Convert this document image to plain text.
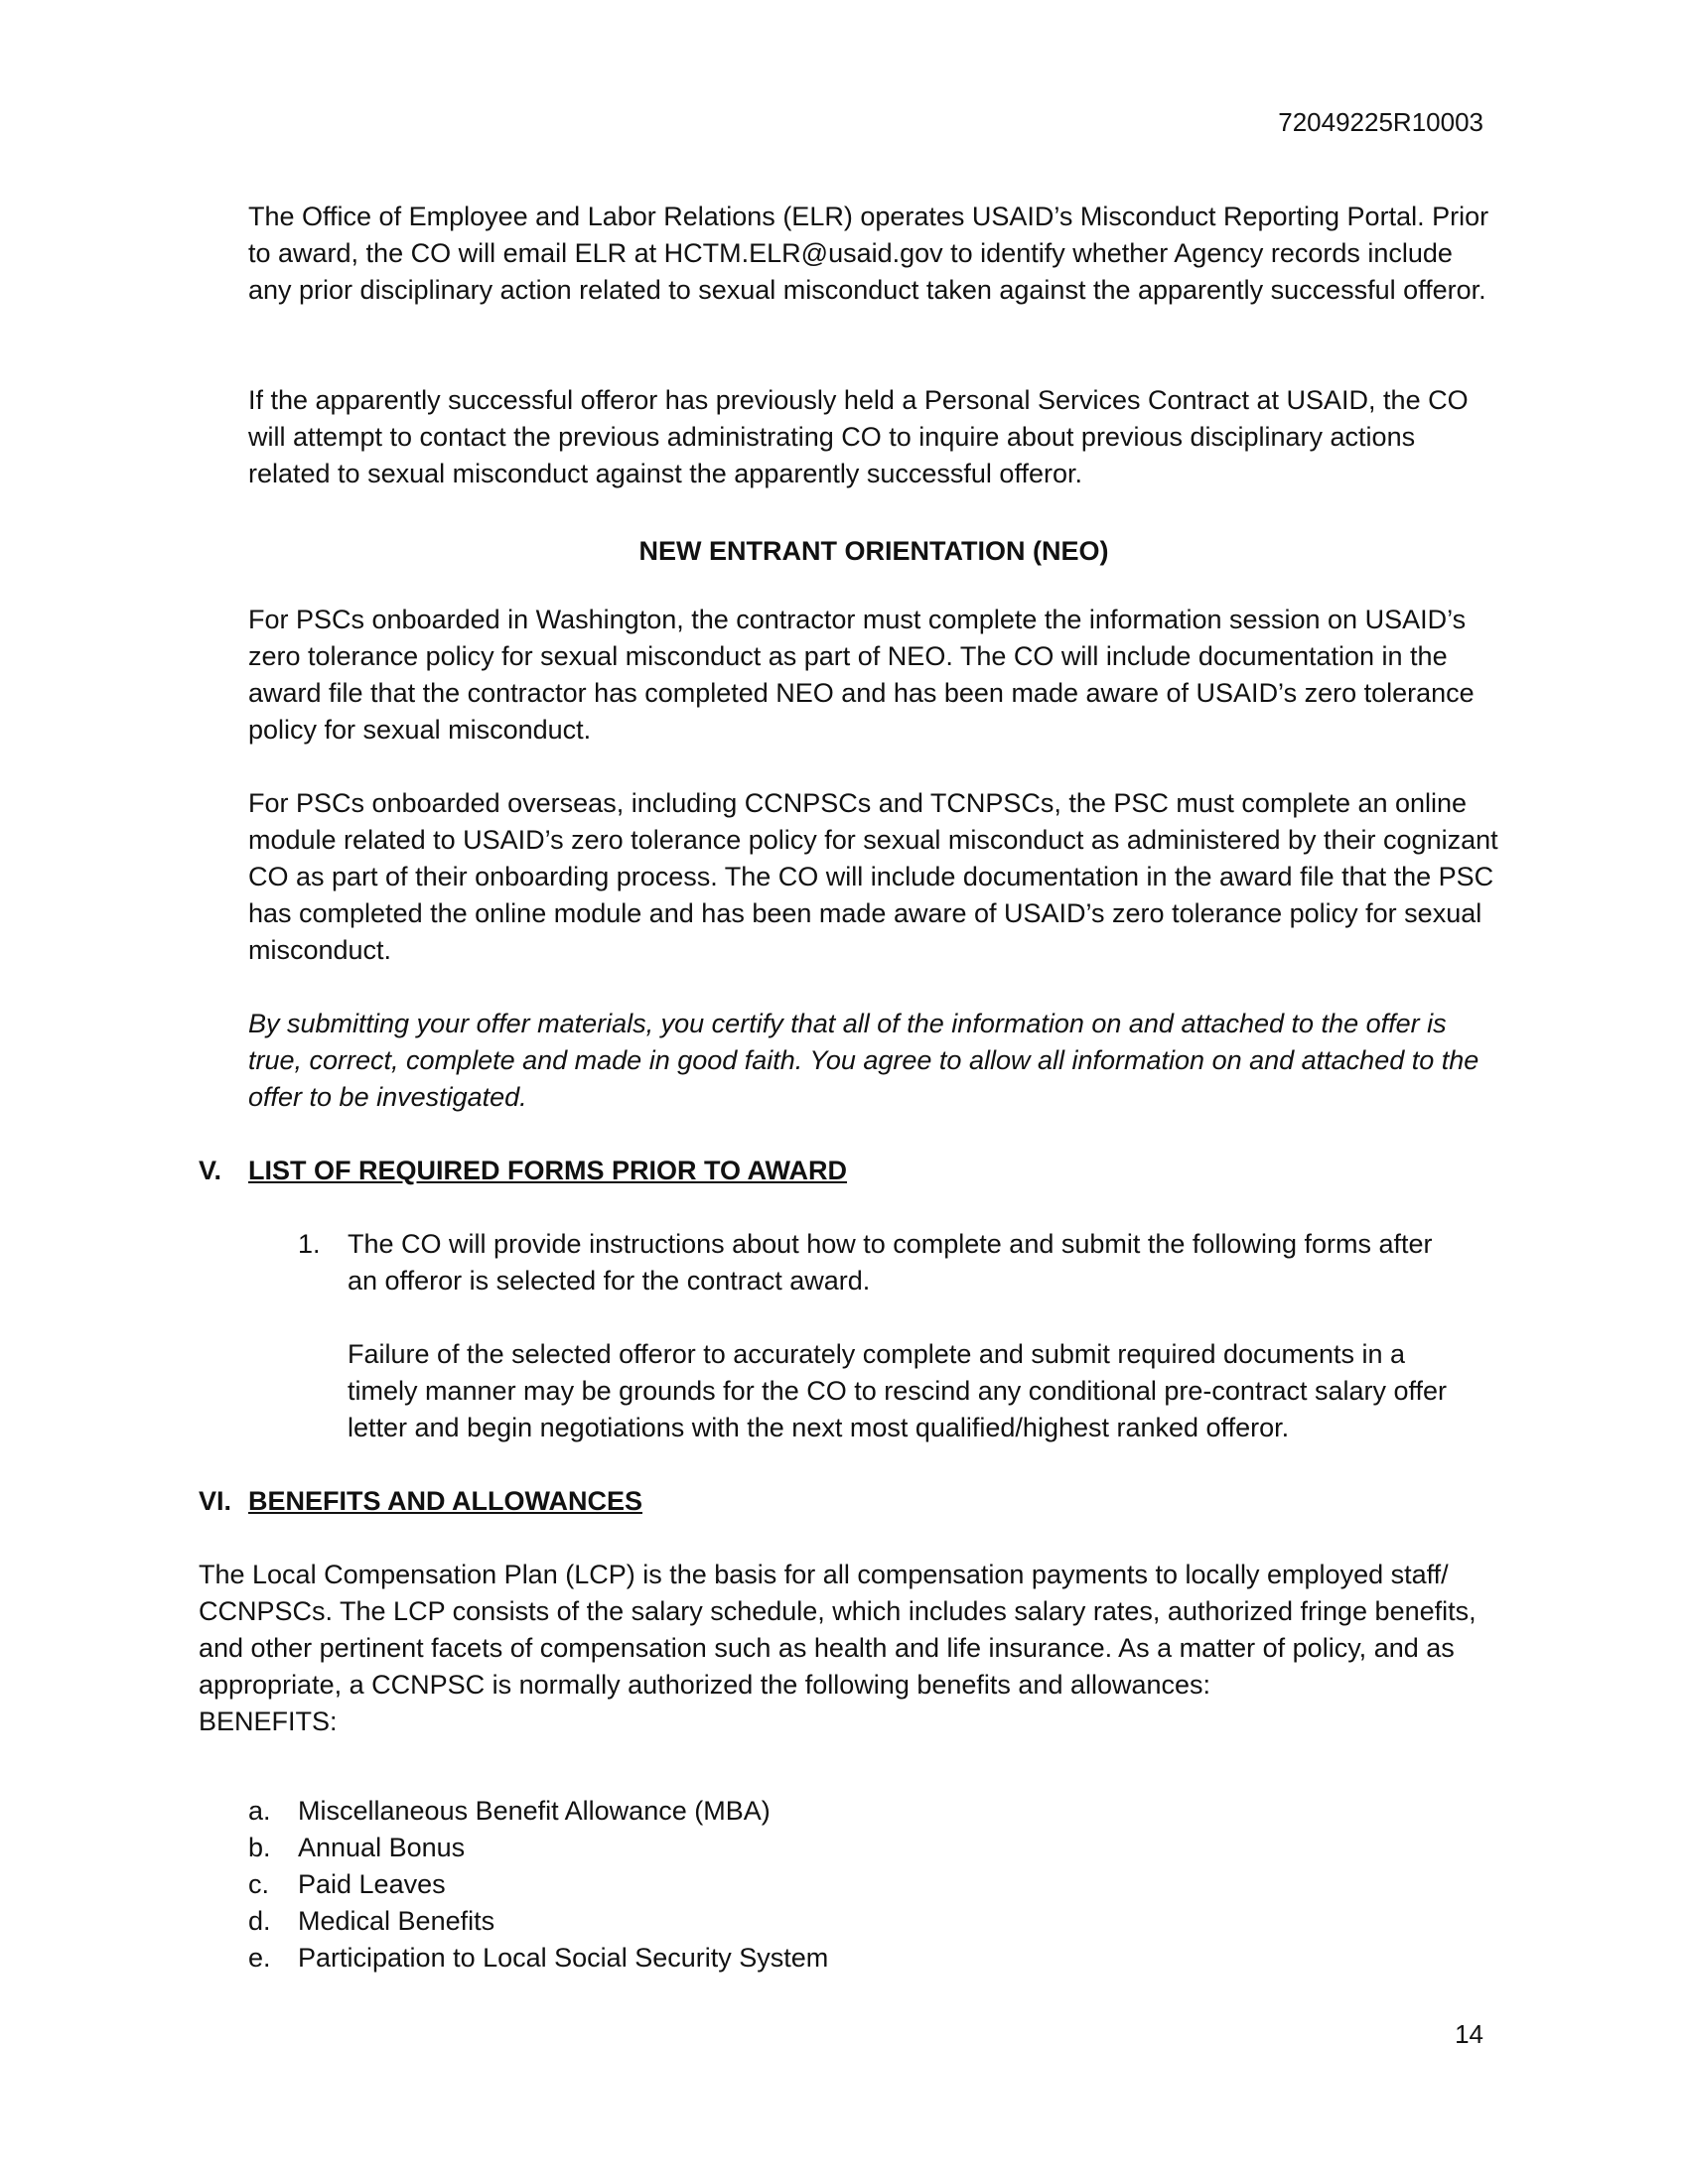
72049225R10003

The Office of Employee and Labor Relations (ELR) operates USAID’s Misconduct Reporting Portal. Prior to award, the CO will email ELR at HCTM.ELR@usaid.gov to identify whether Agency records include any prior disciplinary action related to sexual misconduct taken against the apparently successful offeror.

If the apparently successful offeror has previously held a Personal Services Contract at USAID, the CO will attempt to contact the previous administrating CO to inquire about previous disciplinary actions related to sexual misconduct against the apparently successful offeror.

NEW ENTRANT ORIENTATION (NEO)

For PSCs onboarded in Washington, the contractor must complete the information session on USAID’s zero tolerance policy for sexual misconduct as part of NEO. The CO will include documentation in the award file that the contractor has completed NEO and has been made aware of USAID’s zero tolerance policy for sexual misconduct.

For PSCs onboarded overseas, including CCNPSCs and TCNPSCs, the PSC must complete an online module related to USAID’s zero tolerance policy for sexual misconduct as administered by their cognizant CO as part of their onboarding process. The CO will include documentation in the award file that the PSC has completed the online module and has been made aware of USAID’s zero tolerance policy for sexual misconduct.

By submitting your offer materials, you certify that all of the information on and attached to the offer is true, correct, complete and made in good faith. You agree to allow all information on and attached to the offer to be investigated.

V. LIST OF REQUIRED FORMS PRIOR TO AWARD
1. The CO will provide instructions about how to complete and submit the following forms after an offeror is selected for the contract award.

Failure of the selected offeror to accurately complete and submit required documents in a timely manner may be grounds for the CO to rescind any conditional pre-contract salary offer letter and begin negotiations with the next most qualified/highest ranked offeror.

VI. BENEFITS AND ALLOWANCES

The Local Compensation Plan (LCP) is the basis for all compensation payments to locally employed staff/ CCNPSCs. The LCP consists of the salary schedule, which includes salary rates, authorized fringe benefits, and other pertinent facets of compensation such as health and life insurance. As a matter of policy, and as appropriate, a CCNPSC is normally authorized the following benefits and allowances:
BENEFITS:

a. Miscellaneous Benefit Allowance (MBA)
b. Annual Bonus
c. Paid Leaves
d. Medical Benefits
e. Participation to Local Social Security System
14
